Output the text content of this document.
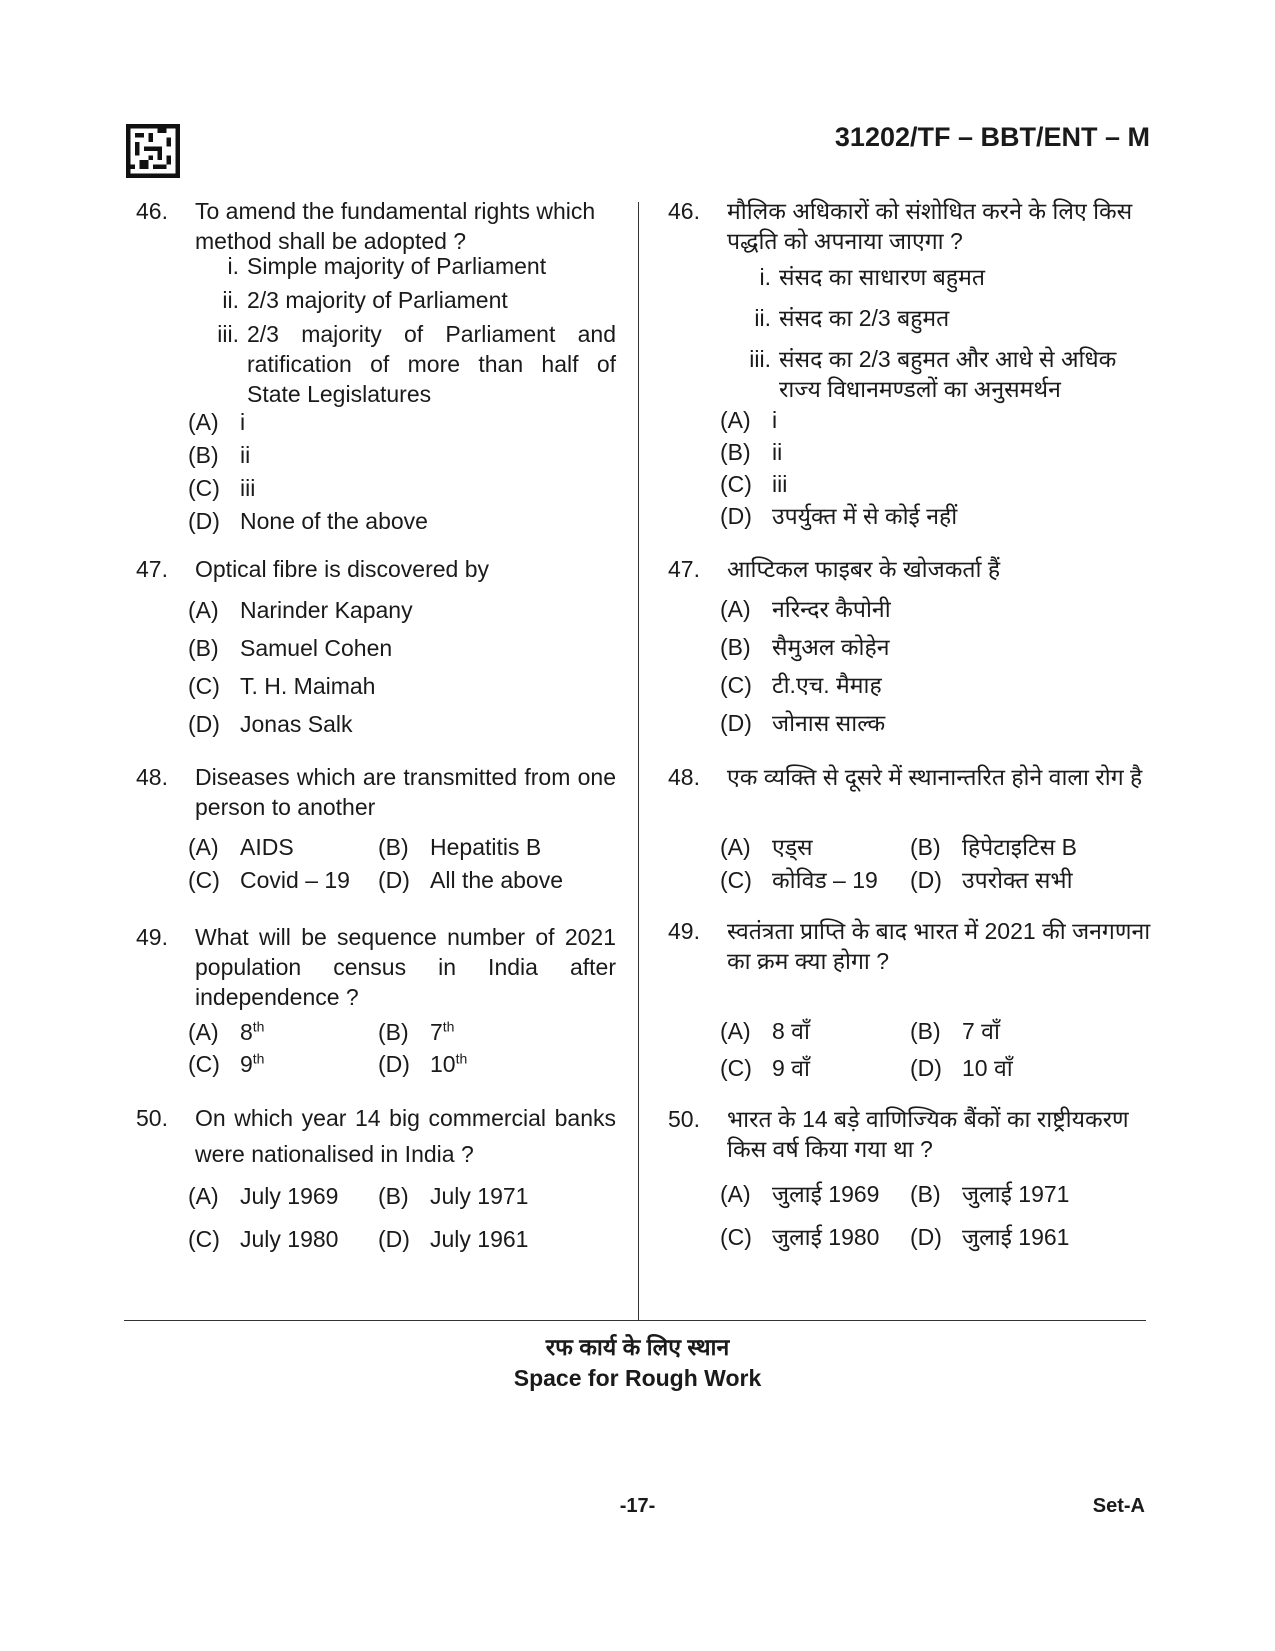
31202/TF – BBT/ENT – M
46. To amend the fundamental rights which method shall be adopted ?
i. Simple majority of Parliament
ii. 2/3 majority of Parliament
iii. 2/3 majority of Parliament and ratification of more than half of State Legislatures
(A) i
(B) ii
(C) iii
(D) None of the above
47. Optical fibre is discovered by
(A) Narinder Kapany
(B) Samuel Cohen
(C) T. H. Maimah
(D) Jonas Salk
48. Diseases which are transmitted from one person to another
(A) AIDS	(B) Hepatitis B
(C) Covid – 19 (D) All the above
49. What will be sequence number of 2021 population census in India after independence ?
(A) 8th	(B) 7th
(C) 9th	(D) 10th
50. On which year 14 big commercial banks were nationalised in India ?
(A) July 1969 (B) July 1971
(C) July 1980 (D) July 1961
46. मौलिक अधिकारों को संशोधित करने के लिए किस पद्धति को अपनाया जाएगा ?
i. संसद का साधारण बहुमत
ii. संसद का 2/3 बहुमत
iii. संसद का 2/3 बहुमत और आधे से अधिक राज्य विधानमण्डलों का अनुसमर्थन
(A) i
(B) ii
(C) iii
(D) उपर्युक्त में से कोई नहीं
47. आप्टिकल फाइबर के खोजकर्ता हैं
(A) नरिन्दर कैपोनी
(B) सैमुअल कोहेन
(C) टी.एच. मैमाह
(D) जोनास साल्क
48. एक व्यक्ति से दूसरे में स्थानान्तरित होने वाला रोग है
(A) एड्स	(B) हिपेटाइटिस B
(C) कोविड – 19 (D) उपरोक्त सभी
49. स्वतंत्रता प्राप्ति के बाद भारत में 2021 की जनगणना का क्रम क्या होगा ?
(A) 8 वाँ	(B) 7 वाँ
(C) 9 वाँ	(D) 10 वाँ
50. भारत के 14 बड़े वाणिज्यिक बैंकों का राष्ट्रीयकरण किस वर्ष किया गया था ?
(A) जुलाई 1969 (B) जुलाई 1971
(C) जुलाई 1980 (D) जुलाई 1961
रफ कार्य के लिए स्थान
Space for Rough Work
-17-	Set-A
